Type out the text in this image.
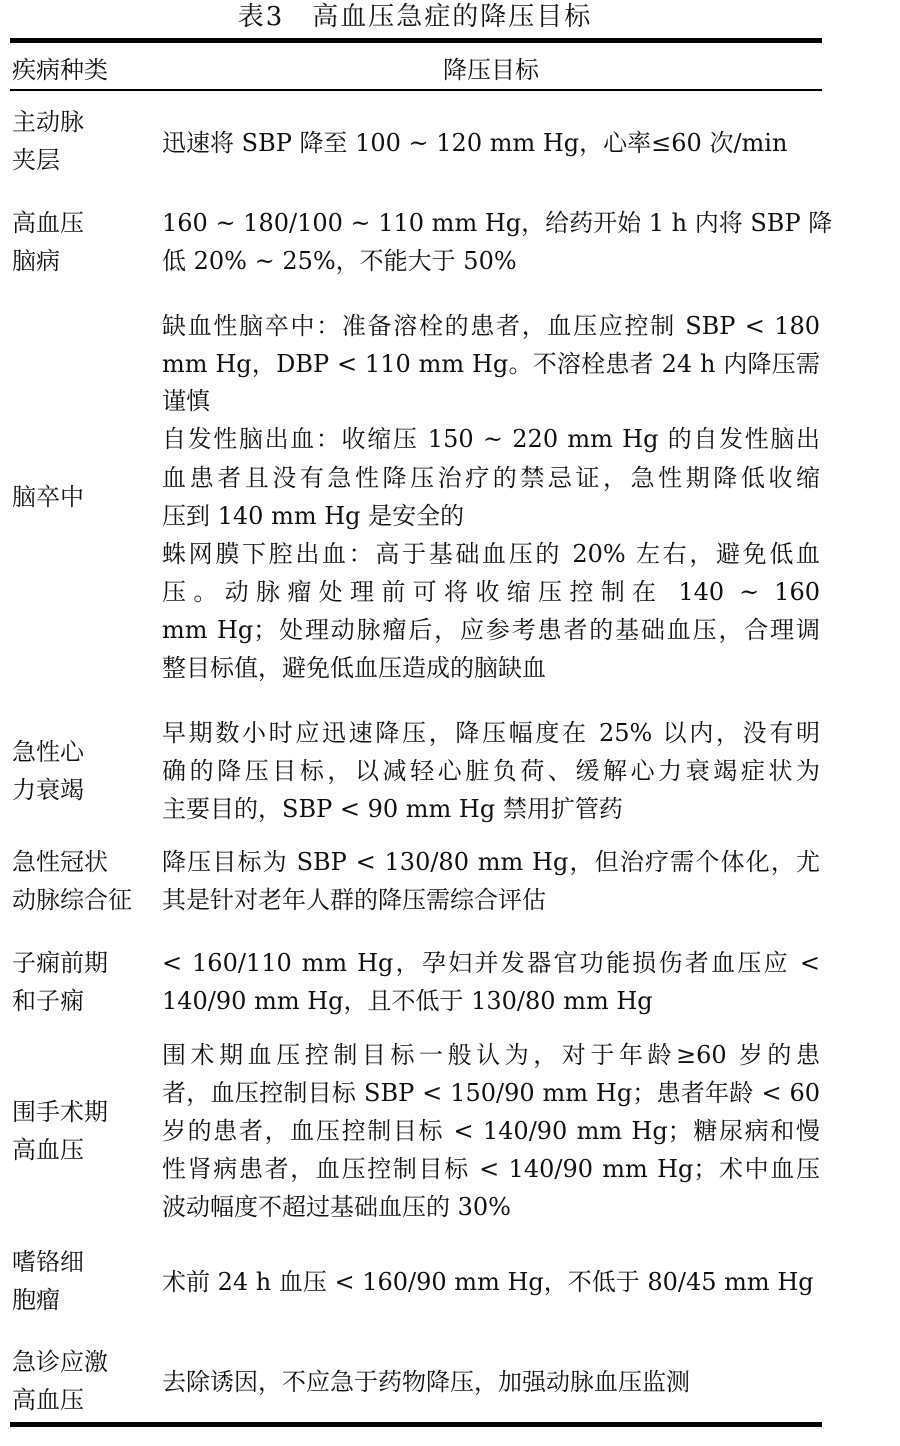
表3　高血压急症的降压目标
疾病种类	降压目标
主动脉
夹层
迅速将 SBP 降至 100 ~ 120 mm Hg，心率≤60 次/min
高血压
脑病
160 ~ 180/100 ~ 110 mm Hg，给药开始 1 h 内将 SBP 降
低 20% ~ 25%，不能大于 50%
脑卒中
缺血性脑卒中：准备溶栓的患者，血压应控制 SBP < 180
mm Hg，DBP < 110 mm Hg。不溶栓患者 24 h 内降压需
谨慎
自发性脑出血：收缩压 150 ~ 220 mm Hg 的自发性脑出
血患者且没有急性降压治疗的禁忌证，急性期降低收缩
压到 140 mm Hg 是安全的
蛛网膜下腔出血：高于基础血压的 20% 左右，避免低血
压。动脉瘤处理前可将收缩压控制在 140 ~ 160
mm Hg；处理动脉瘤后，应参考患者的基础血压，合理调
整目标值，避免低血压造成的脑缺血
急性心
力衰竭
早期数小时应迅速降压，降压幅度在 25% 以内，没有明
确的降压目标，以减轻心脏负荷、缓解心力衰竭症状为
主要目的，SBP < 90 mm Hg 禁用扩管药
急性冠状
动脉综合征
降压目标为 SBP < 130/80 mm Hg，但治疗需个体化，尤
其是针对老年人群的降压需综合评估
子痫前期
和子痫
< 160/110 mm Hg，孕妇并发器官功能损伤者血压应 <
140/90 mm Hg，且不低于 130/80 mm Hg
围手术期
高血压
围术期血压控制目标一般认为，对于年龄≥60 岁的患
者，血压控制目标 SBP < 150/90 mm Hg；患者年龄 < 60
岁的患者，血压控制目标 < 140/90 mm Hg；糖尿病和慢
性肾病患者，血压控制目标 < 140/90 mm Hg；术中血压
波动幅度不超过基础血压的 30%
嗜铬细
胞瘤
术前 24 h 血压 < 160/90 mm Hg，不低于 80/45 mm Hg
急诊应激
高血压
去除诱因，不应急于药物降压，加强动脉血压监测
